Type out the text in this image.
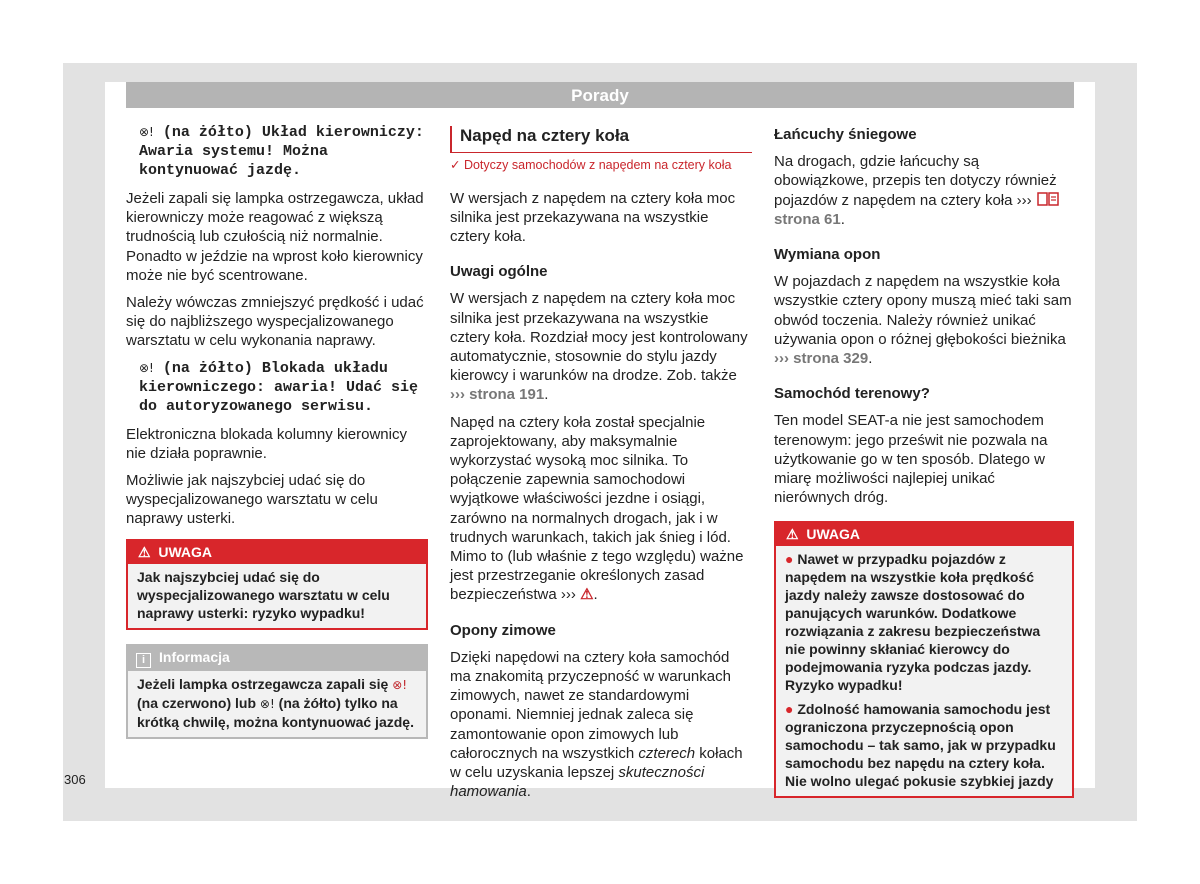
Porady
⊗! (na żółto) Układ kierowniczy: Awaria systemu! Można kontynuować jazdę.

Jeżeli zapali się lampka ostrzegawcza, układ kierowniczy może reagować z większą trudnością lub czułością niż normalnie. Ponadto w jeździe na wprost koło kierownicy może nie być scentrowane.

Należy wówczas zmniejszyć prędkość i udać się do najbliższego wyspecjalizowanego warsztatu w celu wykonania naprawy.

⊗! (na żółto) Blokada układu kierowniczego: awaria! Udać się do autoryzowanego serwisu.

Elektroniczna blokada kolumny kierownicy nie działa poprawnie.

Możliwie jak najszybciej udać się do wyspecjalizowanego warsztatu w celu naprawy usterki.

⚠ UWAGA
Jak najszybciej udać się do wyspecjalizowanego warsztatu w celu naprawy usterki: ryzyko wypadku!
i Informacja
Jeżeli lampka ostrzegawcza zapali się ⊗! (na czerwono) lub ⊗! (na żółto) tylko na krótką chwilę, można kontynuować jazdę.
Napęd na cztery koła
✓ Dotyczy samochodów z napędem na cztery koła

W wersjach z napędem na cztery koła moc silnika jest przekazywana na wszystkie cztery koła.

Uwagi ogólne

W wersjach z napędem na cztery koła moc silnika jest przekazywana na wszystkie cztery koła. Rozdział mocy jest kontrolowany automatycznie, stosownie do stylu jazdy kierowcy i warunków na drodze. Zob. także ››› strona 191.

Napęd na cztery koła został specjalnie zaprojektowany, aby maksymalnie wykorzystać wysoką moc silnika. To połączenie zapewnia samochodowi wyjątkowe właściwości jezdne i osiągi, zarówno na normalnych drogach, jak i w trudnych warunkach, takich jak śnieg i lód. Mimo to (lub właśnie z tego względu) ważne jest przestrzeganie określonych zasad bezpieczeństwa ››› ⚠.

Opony zimowe

Dzięki napędowi na cztery koła samochód ma znakomitą przyczepność w warunkach zimowych, nawet ze standardowymi oponami. Niemniej jednak zaleca się zamontowanie opon zimowych lub całorocznych na wszystkich czterech kołach w celu uzyskania lepszej skuteczności hamowania.

Łańcuchy śniegowe

Na drogach, gdzie łańcuchy są obowiązkowe, przepis ten dotyczy również pojazdów z napędem na cztery koła ›››  strona 61.

Wymiana opon

W pojazdach z napędem na wszystkie koła wszystkie cztery opony muszą mieć taki sam obwód toczenia. Należy również unikać używania opon o różnej głębokości bieżnika ››› strona 329.

Samochód terenowy?

Ten model SEAT-a nie jest samochodem terenowym: jego prześwit nie pozwala na użytkowanie go w ten sposób. Dlatego w miarę możliwości najlepiej unikać nierównych dróg.

⚠ UWAGA

● Nawet w przypadku pojazdów z napędem na wszystkie koła prędkość jazdy należy zawsze dostosować do panujących warunków. Dodatkowe rozwiązania z zakresu bezpieczeństwa nie powinny skłaniać kierowcy do podejmowania ryzyka podczas jazdy. Ryzyko wypadku!

● Zdolność hamowania samochodu jest ograniczona przyczepnością opon samochodu – tak samo, jak w przypadku samochodu bez napędu na cztery koła. Nie wolno ulegać pokusie szybkiej jazdy

306
